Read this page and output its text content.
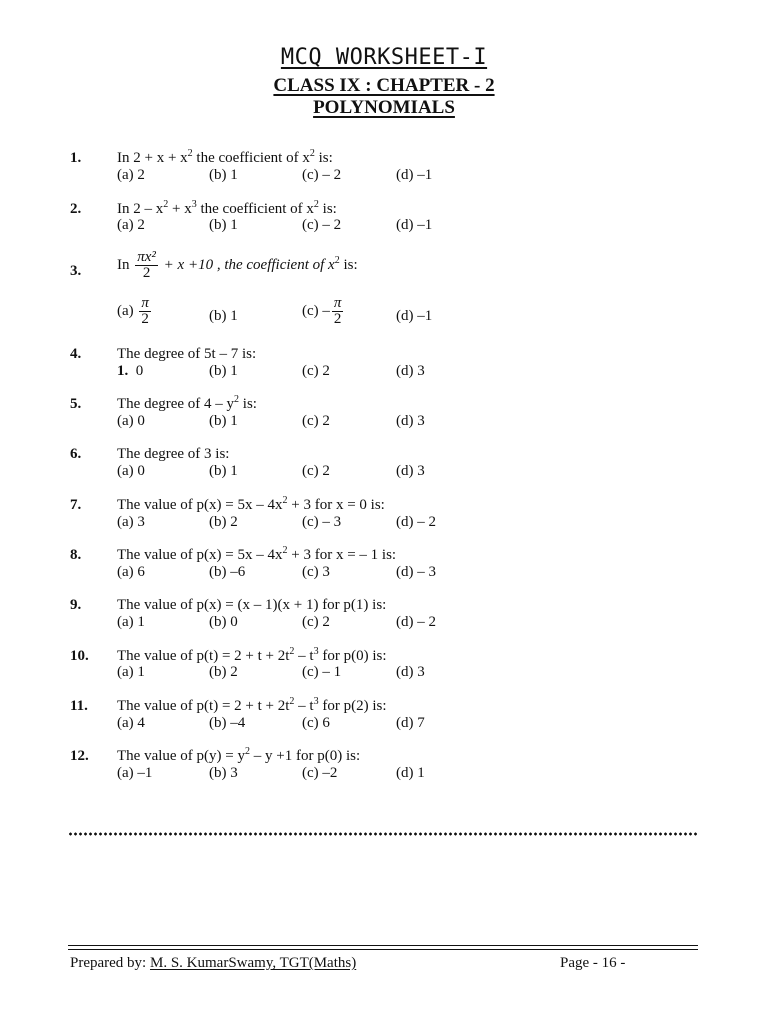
MCQ WORKSHEET-I
CLASS IX : CHAPTER - 2
POLYNOMIALS
1. In $2 + x + x^2$ the coefficient of $x^2$ is:
(a) 2	(b) 1	(c) – 2	(d) –1
2. In $2 - x^2 + x^3$ the coefficient of $x^2$ is:
(a) 2	(b) 1	(c) – 2	(d) –1
3. In $\frac{\text{πx²}}{2} + x +10$ , the coefficient of $x^2$ is:
$(a) \frac{\pi}{2}$	(b) 1	$(c) - \frac{\pi}{2}$	(d) –1
4. The degree of 5t – 7 is:
1. 0	(b) 1	(c) 2	(d) 3
5. The degree of $4 - y^2$ is:
(a) 0	(b) 1	(c) 2	(d) 3
6. The degree of 3 is:
(a) 0	(b) 1	(c) 2	(d) 3
7. The value of $p(x) = 5x - 4x^2 + 3$ for x = 0 is:
(a) 3	(b) 2	(c) – 3	(d) – 2
8. The value of $p(x) = 5x - 4x^2 + 3$ for x = – 1 is:
(a) 6	(b) –6	(c) 3	(d) – 3
9. The value of p(x) = (x – 1)(x + 1) for p(1) is:
(a) 1	(b) 0	(c) 2	(d) – 2
10. The value of $p(t) = 2 + t + 2t^2 - t^3$ for p(0) is:
(a) 1	(b) 2	(c) – 1	(d) 3
11. The value of $p(t) = 2 + t + 2t^2 - t^3$ for p(2) is:
(a) 4	(b) –4	(c) 6	(d) 7
12. The value of $p(y) = y^2 - y +1$ for p(0) is:
(a) –1	(b) 3	(c) –2	(d) 1
Prepared by: M. S. KumarSwamy, TGT(Maths)	Page - 16 -
